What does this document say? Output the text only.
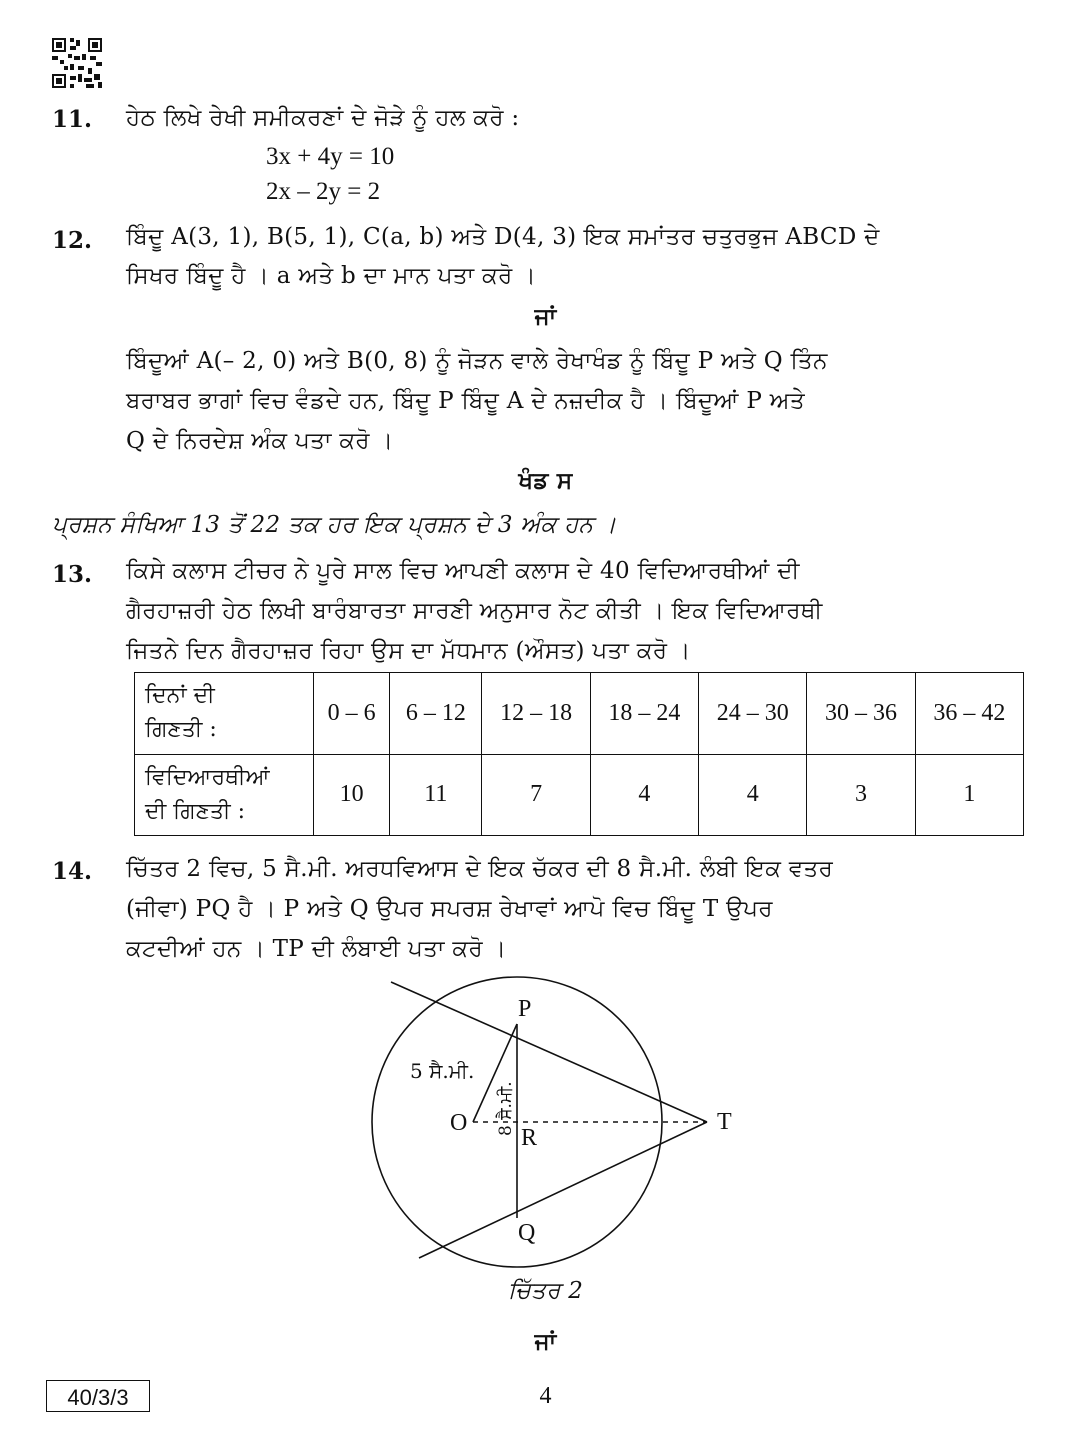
11. ਹੇਠ ਲਿਖੇ ਰੇਖੀ ਸਮੀਕਰਣਾਂ ਦੇ ਜੋੜੇ ਨੂੰ ਹਲ ਕਰੋ :
3x + 4y = 10
2x – 2y = 2
12. ਬਿੰਦੂ A(3, 1), B(5, 1), C(a, b) ਅਤੇ D(4, 3) ਇਕ ਸਮਾਂਤਰ ਚਤੁਰਭੁਜ ABCD ਦੇ
ਸਿਖਰ ਬਿੰਦੂ ਹੈ । a ਅਤੇ b ਦਾ ਮਾਨ ਪਤਾ ਕਰੋ ।
ਜਾਂ
ਬਿੰਦੂਆਂ A(– 2, 0) ਅਤੇ B(0, 8) ਨੂੰ ਜੋੜਨ ਵਾਲੇ ਰੇਖਾਖੰਡ ਨੂੰ ਬਿੰਦੂ P ਅਤੇ Q ਤਿੰਨ
ਬਰਾਬਰ ਭਾਗਾਂ ਵਿਚ ਵੰਡਦੇ ਹਨ, ਬਿੰਦੂ P ਬਿੰਦੂ A ਦੇ ਨਜ਼ਦੀਕ ਹੈ । ਬਿੰਦੂਆਂ P ਅਤੇ
Q ਦੇ ਨਿਰਦੇਸ਼ ਅੰਕ ਪਤਾ ਕਰੋ ।
ਖੰਡ ਸ
ਪ੍ਰਸ਼ਨ ਸੰਖਿਆ 13 ਤੋਂ 22 ਤਕ ਹਰ ਇਕ ਪ੍ਰਸ਼ਨ ਦੇ 3 ਅੰਕ ਹਨ ।
13. ਕਿਸੇ ਕਲਾਸ ਟੀਚਰ ਨੇ ਪੂਰੇ ਸਾਲ ਵਿਚ ਆਪਣੀ ਕਲਾਸ ਦੇ 40 ਵਿਦਿਆਰਥੀਆਂ ਦੀ
ਗੈਰਹਾਜ਼ਰੀ ਹੇਠ ਲਿਖੀ ਬਾਰੰਬਾਰਤਾ ਸਾਰਣੀ ਅਨੁਸਾਰ ਨੋਟ ਕੀਤੀ । ਇਕ ਵਿਦਿਆਰਥੀ
ਜਿਤਨੇ ਦਿਨ ਗੈਰਹਾਜ਼ਰ ਰਿਹਾ ਉਸ ਦਾ ਮੱਧਮਾਨ (ਔਸਤ) ਪਤਾ ਕਰੋ ।
ਦਿਨਾਂ ਦੀ
ਗਿਣਤੀ :	0 – 6	6 – 12	12 – 18	18 – 24	24 – 30	30 – 36	36 – 42

ਵਿਦਿਆਰਥੀਆਂ
ਦੀ ਗਿਣਤੀ :	10	11	7	4	4	3	1
14. ਚਿੱਤਰ 2 ਵਿਚ, 5 ਸੈ.ਮੀ. ਅਰਧਵਿਆਸ ਦੇ ਇਕ ਚੱਕਰ ਦੀ 8 ਸੈ.ਮੀ. ਲੰਬੀ ਇਕ ਵਤਰ
(ਜੀਵਾ) PQ ਹੈ । P ਅਤੇ Q ਉਪਰ ਸਪਰਸ਼ ਰੇਖਾਵਾਂ ਆਪੋ ਵਿਚ ਬਿੰਦੂ T ਉਪਰ
ਕਟਦੀਆਂ ਹਨ । TP ਦੀ ਲੰਬਾਈ ਪਤਾ ਕਰੋ ।
P
Q
O
R
T
5 ਸੈ.ਮੀ.
8 ਸੈ.ਮੀ.
ਚਿੱਤਰ 2
ਜਾਂ
40/3/3	4
